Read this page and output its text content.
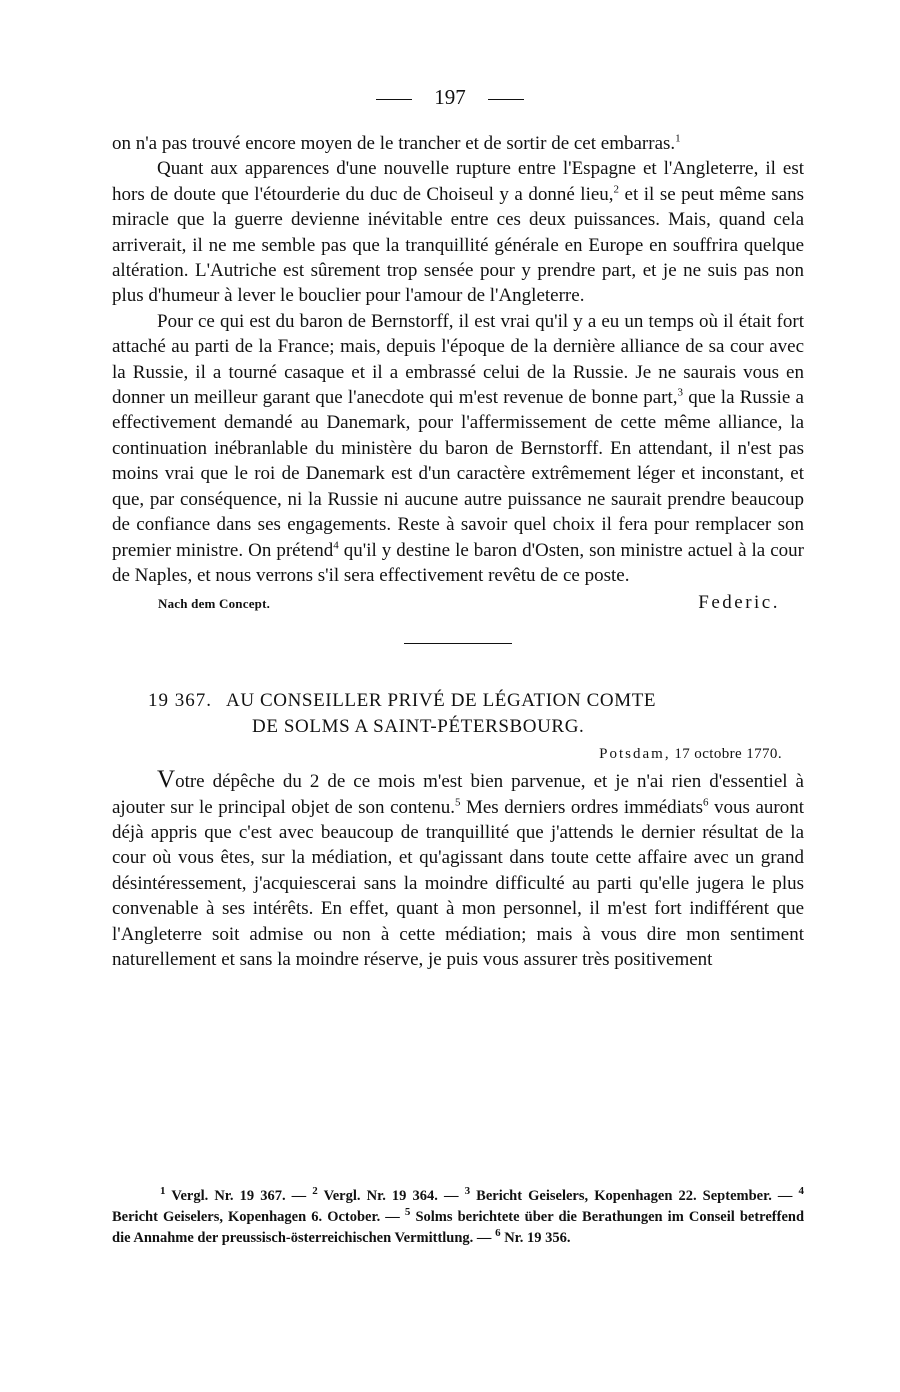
197

on n'a pas trouvé encore moyen de le trancher et de sortir de cet embarras.$^1$

Quant aux apparences d'une nouvelle rupture entre l'Espagne et l'Angleterre, il est hors de doute que l'étourderie du duc de Choiseul y a donné lieu,$^2$ et il se peut même sans miracle que la guerre devienne inévitable entre ces deux puissances. Mais, quand cela arriverait, il ne me semble pas que la tranquillité générale en Europe en souffrira quelque altération. L'Autriche est sûrement trop sensée pour y prendre part, et je ne suis pas non plus d'humeur à lever le bouclier pour l'amour de l'Angleterre.

Pour ce qui est du baron de Bernstorff, il est vrai qu'il y a eu un temps où il était fort attaché au parti de la France; mais, depuis l'époque de la dernière alliance de sa cour avec la Russie, il a tourné casaque et il a embrassé celui de la Russie. Je ne saurais vous en donner un meilleur garant que l'anecdote qui m'est revenue de bonne part,$^3$ que la Russie a effectivement demandé au Danemark, pour l'affermissement de cette même alliance, la continuation inébranlable du ministère du baron de Bernstorff. En attendant, il n'est pas moins vrai que le roi de Danemark est d'un caractère extrêmement léger et inconstant, et que, par conséquence, ni la Russie ni aucune autre puissance ne saurait prendre beaucoup de confiance dans ses engagements. Reste à savoir quel choix il fera pour remplacer son premier ministre. On prétend$^4$ qu'il y destine le baron d'Osten, son ministre actuel à la cour de Naples, et nous verrons s'il sera effectivement revêtu de ce poste.

Nach dem Concept.	Federic.
19 367. AU CONSEILLER PRIVÉ DE LÉGATION COMTE
DE SOLMS A SAINT-PÉTERSBOURG.
Potsdam, 17 octobre 1770.

Votre dépêche du 2 de ce mois m'est bien parvenue, et je n'ai rien d'essentiel à ajouter sur le principal objet de son contenu.$^5$ Mes derniers ordres immédiats$^6$ vous auront déjà appris que c'est avec beaucoup de tranquillité que j'attends le dernier résultat de la cour où vous êtes, sur la médiation, et qu'agissant dans toute cette affaire avec un grand désintéressement, j'acquiescerai sans la moindre difficulté au parti qu'elle jugera le plus convenable à ses intérêts. En effet, quant à mon personnel, il m'est fort indifférent que l'Angleterre soit admise ou non à cette médiation; mais à vous dire mon sentiment naturellement et sans la moindre réserve, je puis vous assurer très positivement

$^1$ Vergl. Nr. 19 367. — $^2$ Vergl. Nr. 19 364. — $^3$ Bericht Geiselers, Kopenhagen 22. September. — $^4$ Bericht Geiselers, Kopenhagen 6. October. — $^5$ Solms berichtete über die Berathungen im Conseil betreffend die Annahme der preussisch-österreichischen Vermittlung. — $^6$ Nr. 19 356.
